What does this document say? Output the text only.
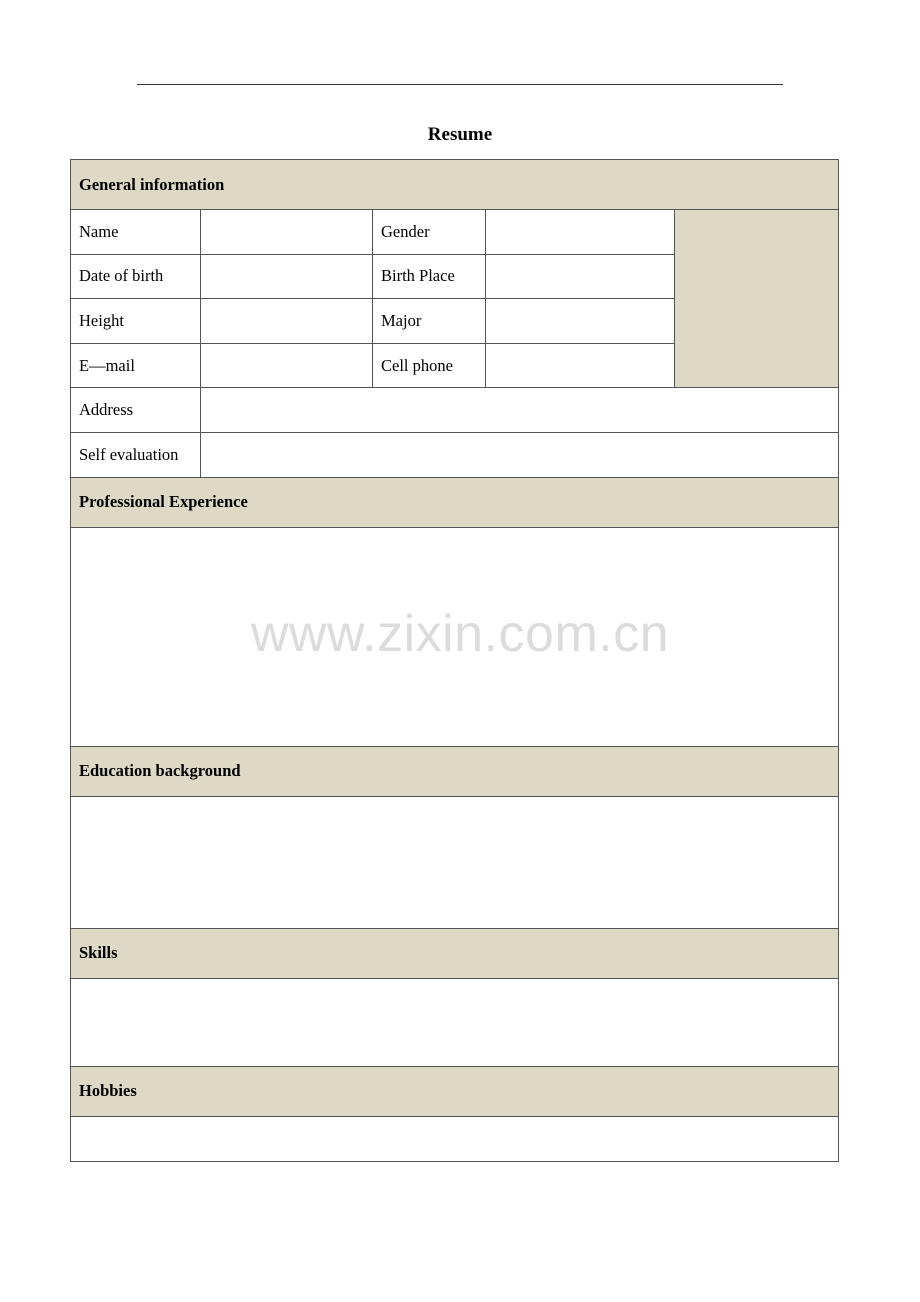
Resume
General information				
Name		Gender		
Date of birth		Birth Place		
Height		Major		
E—mail		Cell phone		
Address				
Self evaluation				
Professional Experience				

Education background				

Skills				

Hobbies				

www.zixin.com.cn
